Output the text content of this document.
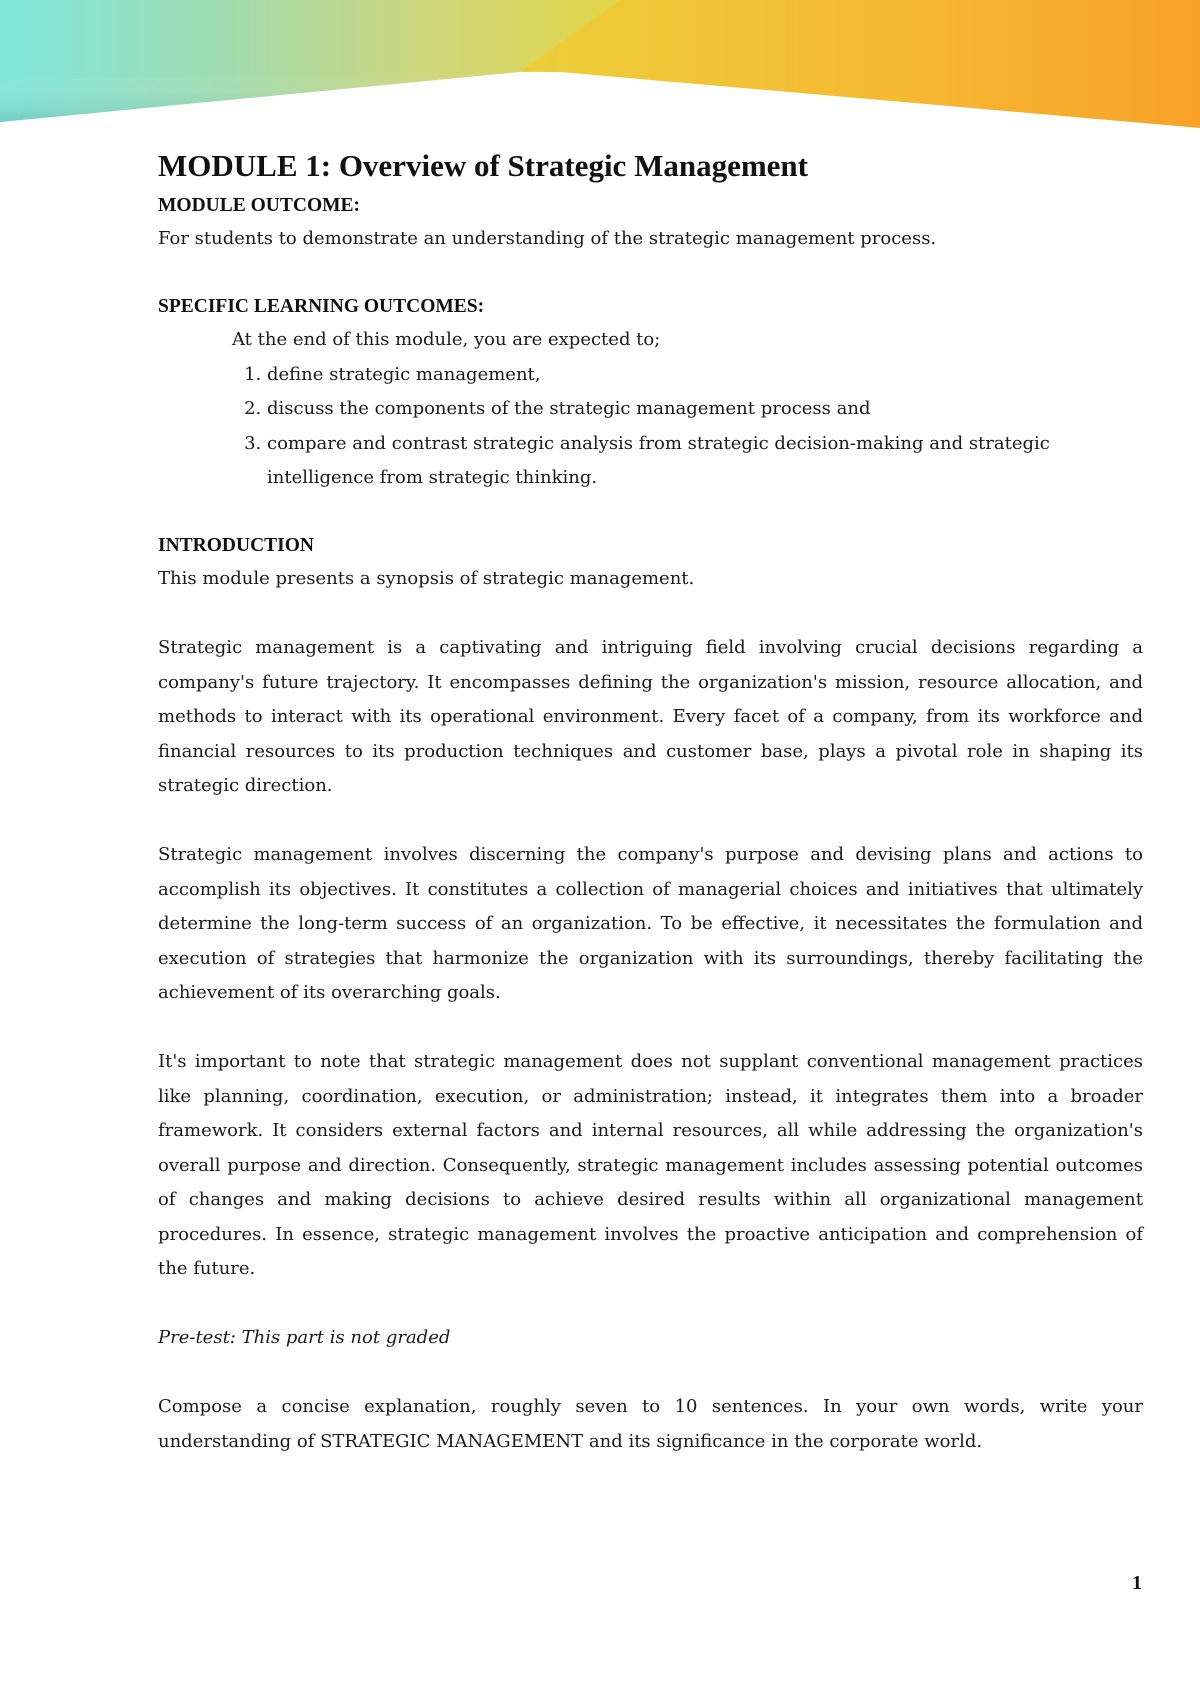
MODULE 1: Overview of Strategic Management

MODULE OUTCOME:

For students to demonstrate an understanding of the strategic management process.

SPECIFIC LEARNING OUTCOMES:

At the end of this module, you are expected to;

1. define strategic management,
2. discuss the components of the strategic management process and
3. compare and contrast strategic analysis from strategic decision-making and strategic intelligence from strategic thinking.

INTRODUCTION

This module presents a synopsis of strategic management.

Strategic management is a captivating and intriguing field involving crucial decisions regarding a company's future trajectory. It encompasses defining the organization's mission, resource allocation, and methods to interact with its operational environment. Every facet of a company, from its workforce and financial resources to its production techniques and customer base, plays a pivotal role in shaping its strategic direction.

Strategic management involves discerning the company's purpose and devising plans and actions to accomplish its objectives. It constitutes a collection of managerial choices and initiatives that ultimately determine the long-term success of an organization. To be effective, it necessitates the formulation and execution of strategies that harmonize the organization with its surroundings, thereby facilitating the achievement of its overarching goals.

It's important to note that strategic management does not supplant conventional management practices like planning, coordination, execution, or administration; instead, it integrates them into a broader framework. It considers external factors and internal resources, all while addressing the organization's overall purpose and direction. Consequently, strategic management includes assessing potential outcomes of changes and making decisions to achieve desired results within all organizational management procedures. In essence, strategic management involves the proactive anticipation and comprehension of the future.

Pre-test: This part is not graded

Compose a concise explanation, roughly seven to 10 sentences. In your own words, write your understanding of STRATEGIC MANAGEMENT and its significance in the corporate world.

1
